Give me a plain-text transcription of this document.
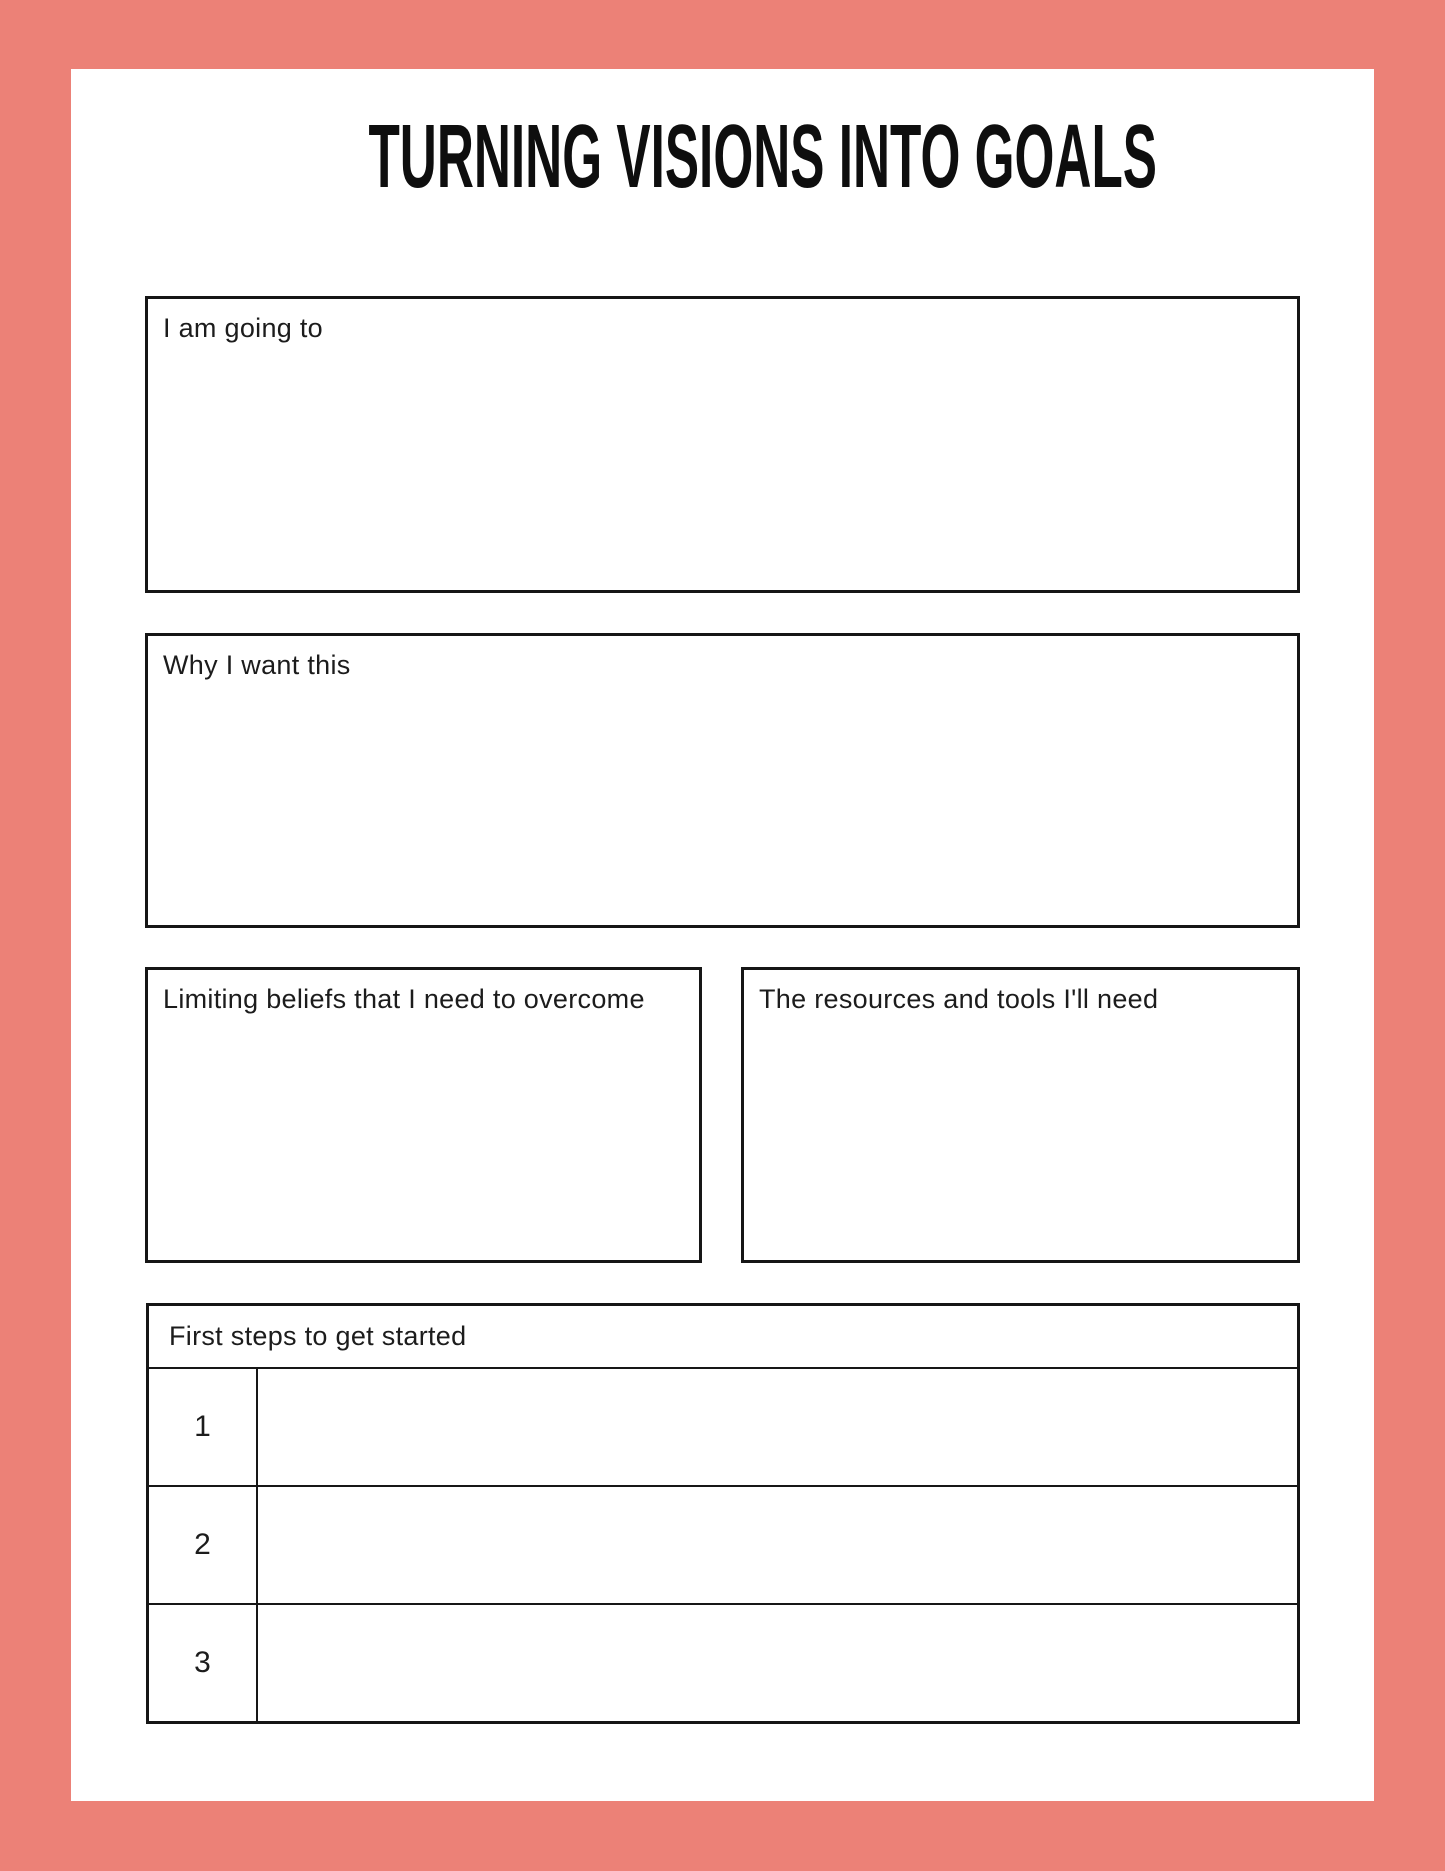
TURNING VISIONS INTO GOALS
I am going to
Why I want this
Limiting beliefs that I need to overcome	The resources and tools I'll need
First steps to get started
1
2
3
